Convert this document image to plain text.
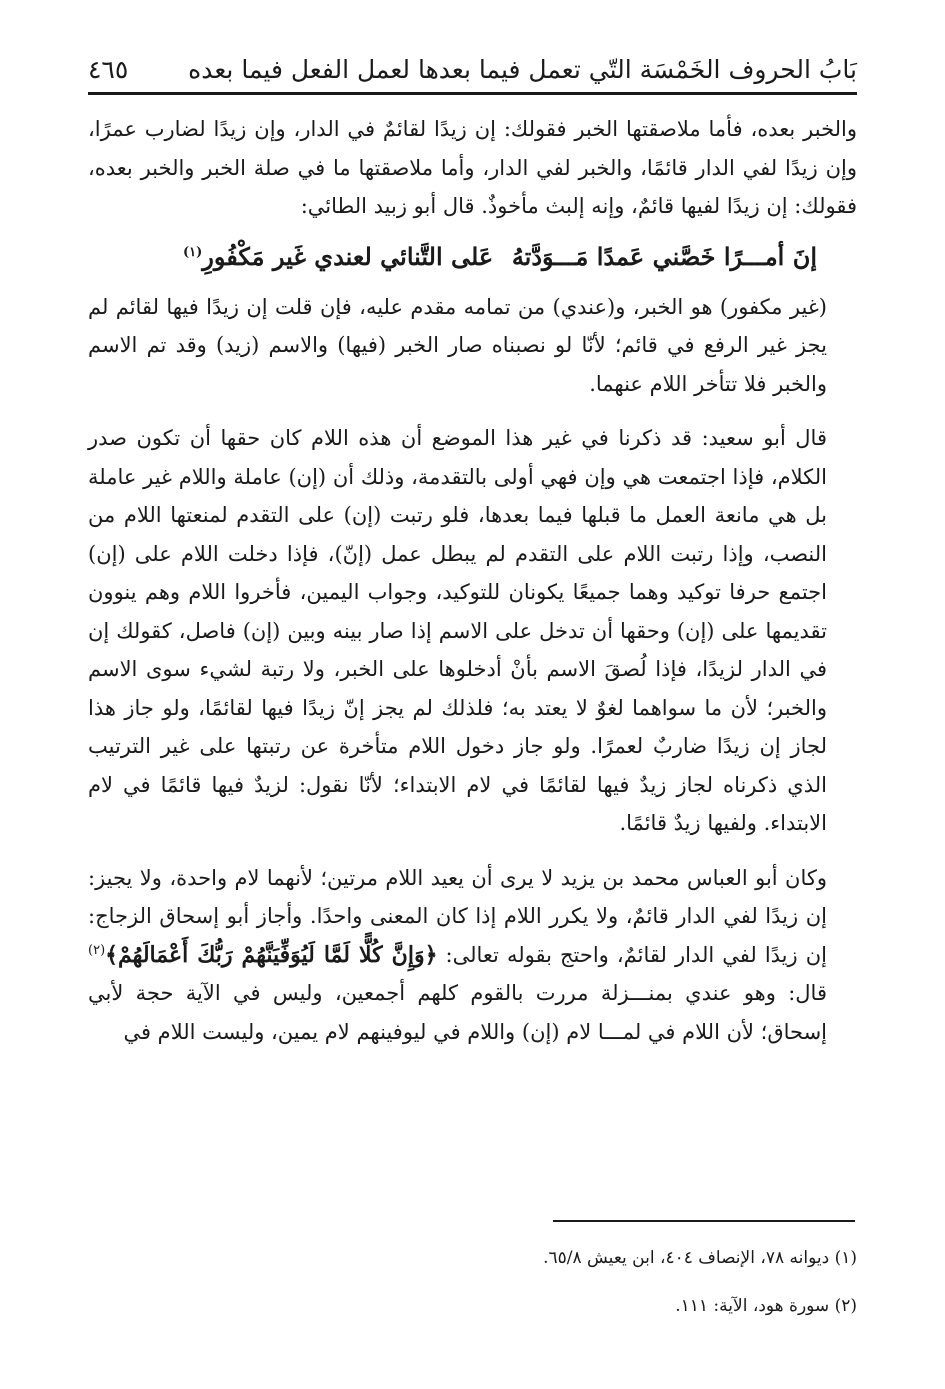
بَابُ الحروف الخَمْسَة التّي تعمل فيما بعدها لعمل الفعل فيما بعده
٤٦٥

والخبر بعده، فأما ملاصقتها الخبر فقولك: إن زيدًا لقائمٌ في الدار، وإن زيدًا لضارب عمرًا، وإن زيدًا لفي الدار قائمًا، والخبر لفي الدار، وأما ملاصقتها ما في صلة الخبر والخبر بعده، فقولك: إن زيدًا لفيها قائمٌ، وإنه إلبث مأخوذٌ. قال أبو زبيد الطائي:

إنَ أمـــرًا خَصَّني عَمدًا مَـــوَدَّتهُ
عَلى التَّنائي لعندي غَير مَكْفُورِ$^{(١)}$

(غير مكفور) هو الخبر، و(عندي) من تمامه مقدم عليه، فإن قلت إن زيدًا فيها لقائم لم يجز غير الرفع في قائم؛ لأنّا لو نصبناه صار الخبر (فيها) والاسم (زيد) وقد تم الاسم والخبر فلا تتأخر اللام عنهما.

قال أبو سعيد: قد ذكرنا في غير هذا الموضع أن هذه اللام كان حقها أن تكون صدر الكلام، فإذا اجتمعت هي وإن فهي أولى بالتقدمة، وذلك أن (إن) عاملة واللام غير عاملة بل هي مانعة العمل ما قبلها فيما بعدها، فلو رتبت (إن) على التقدم لمنعتها اللام من النصب، وإذا رتبت اللام على التقدم لم يبطل عمل (إنّ)، فإذا دخلت اللام على (إن) اجتمع حرفا توكيد وهما جميعًا يكونان للتوكيد، وجواب اليمين، فأخروا اللام وهم ينوون تقديمها على (إن) وحقها أن تدخل على الاسم إذا صار بينه وبين (إن) فاصل، كقولك إن في الدار لزيدًا، فإذا لُصقَ الاسم بأنْ أدخلوها على الخبر، ولا رتبة لشيء سوى الاسم والخبر؛ لأن ما سواهما لغوٌ لا يعتد به؛ فلذلك لم يجز إنّ زيدًا فيها لقائمًا، ولو جاز هذا لجاز إن زيدًا ضاربٌ لعمرًا. ولو جاز دخول اللام متأخرة عن رتبتها على غير الترتيب الذي ذكرناه لجاز زيدٌ فيها لقائمًا في لام الابتداء؛ لأنّا نقول: لزيدٌ فيها قائمًا في لام الابتداء. ولفيها زيدٌ قائمًا.

وكان أبو العباس محمد بن يزيد لا يرى أن يعيد اللام مرتين؛ لأنهما لام واحدة، ولا يجيز: إن زيدًا لفي الدار قائمٌ، ولا يكرر اللام إذا كان المعنى واحدًا. وأجاز أبو إسحاق الزجاج: إن زيدًا لفي الدار لقائمٌ، واحتج بقوله تعالى: ﴿وَإِنَّ كُلًّا لَمَّا لَيُوَفِّيَنَّهُمْ رَبُّكَ أَعْمَالَهُمْ﴾$^{(٢)}$ قال: وهو عندي بمنـــزلة مررت بالقوم كلهم أجمعين، وليس في الآية حجة لأبي إسحاق؛ لأن اللام في لمـــا لام (إن) واللام في ليوفينهم لام يمين، وليست اللام في

(١) ديوانه ٧٨، الإنصاف ٤٠٤، ابن يعيش ٦٥/٨.

(٢) سورة هود، الآية: ١١١.
